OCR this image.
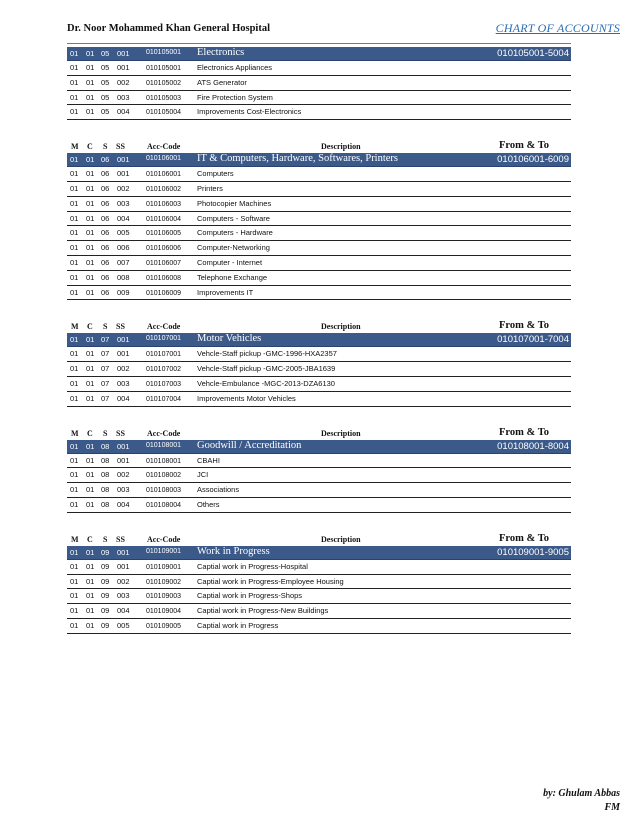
Dr. Noor Mohammed Khan General Hospital	CHART OF ACCOUNTS
01 01 05 001 010105001 Electronics	010105001-5004
01 01 05 001 010105001 Electronics Appliances
01 01 05 002 010105002 ATS Generator
01 01 05 003 010105003 Fire Protection System
01 01 05 004 010105004 Improvements Cost-Electronics
M C S SS	Acc-Code	Description	From & To
01 01 06 001 010106001 IT & Computers, Hardware, Softwares, Printers	010106001-6009
01 01 06 001 010106001 Computers
01 01 06 002 010106002 Printers
01 01 06 003 010106003 Photocopier Machines
01 01 06 004 010106004 Computers - Software
01 01 06 005 010106005 Computers - Hardware
01 01 06 006 010106006 Computer-Networking
01 01 06 007 010106007 Computer - Internet
01 01 06 008 010106008 Telephone Exchange
01 01 06 009 010106009 Improvements IT
M C S SS	Acc-Code	Description	From & To
01 01 07 001 010107001 Motor Vehicles	010107001-7004
01 01 07 001 010107001 Vehcle-Staff pickup -GMC-1996-HXA2357
01 01 07 002 010107002 Vehcle-Staff pickup -GMC-2005-JBA1639
01 01 07 003 010107003 Vehcle-Embulance -MGC-2013-DZA6130
01 01 07 004 010107004 Improvements Motor Vehicles
M C S SS	Acc-Code	Description	From & To
01 01 08 001 010108001 Goodwill / Accreditation	010108001-8004
01 01 08 001 010108001 CBAHI
01 01 08 002 010108002 JCI
01 01 08 003 010108003 Associations
01 01 08 004 010108004 Others
M C S SS	Acc-Code	Description	From & To
01 01 09 001 010109001 Work in Progress	010109001-9005
01 01 09 001 010109001 Captial work in Progress-Hospital
01 01 09 002 010109002 Captial work in Progress-Employee Housing
01 01 09 003 010109003 Captial work in Progress-Shops
01 01 09 004 010109004 Captial work in Progress-New Buildings
01 01 09 005 010109005 Captial work in Progress
by: Ghulam Abbas
FM
